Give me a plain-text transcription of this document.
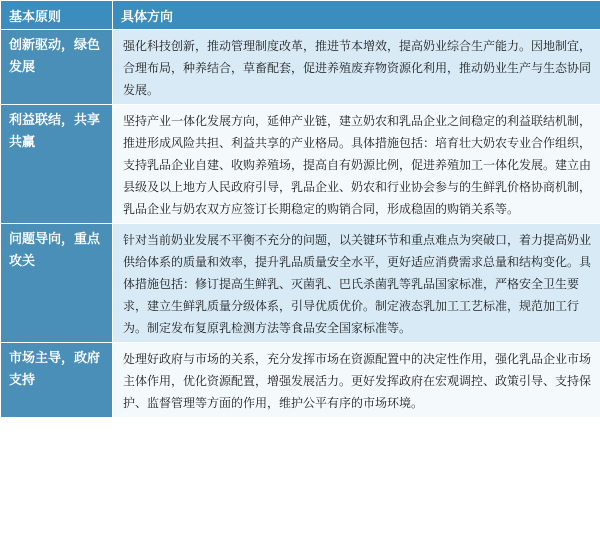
基本原则	具体方向
创新驱动，绿色发展	强化科技创新，推动管理制度改革，推进节本增效，提高奶业综合生产能力。因地制宜，合理布局，种养结合，草畜配套，促进养殖废弃物资源化利用，推动奶业生产与生态协同发展。
利益联结，共享共赢	坚持产业一体化发展方向，延伸产业链，建立奶农和乳品企业之间稳定的利益联结机制，推进形成风险共担、利益共享的产业格局。具体措施包括：培育壮大奶农专业合作组织，支持乳品企业自建、收购养殖场，提高自有奶源比例，促进养殖加工一体化发展。建立由县级及以上地方人民政府引导，乳品企业、奶农和行业协会参与的生鲜乳价格协商机制，乳品企业与奶农双方应签订长期稳定的购销合同，形成稳固的购销关系等。
问题导向，重点攻关	针对当前奶业发展不平衡不充分的问题，以关键环节和重点难点为突破口，着力提高奶业供给体系的质量和效率，提升乳品质量安全水平，更好适应消费需求总量和结构变化。具体措施包括：修订提高生鲜乳、灭菌乳、巴氏杀菌乳等乳品国家标准，严格安全卫生要求，建立生鲜乳质量分级体系，引导优质优价。制定液态乳加工工艺标准，规范加工行为。制定发布复原乳检测方法等食品安全国家标准等。
市场主导，政府支持	处理好政府与市场的关系，充分发挥市场在资源配置中的决定性作用，强化乳品企业市场主体作用，优化资源配置，增强发展活力。更好发挥政府在宏观调控、政策引导、支持保护、监督管理等方面的作用，维护公平有序的市场环境。
